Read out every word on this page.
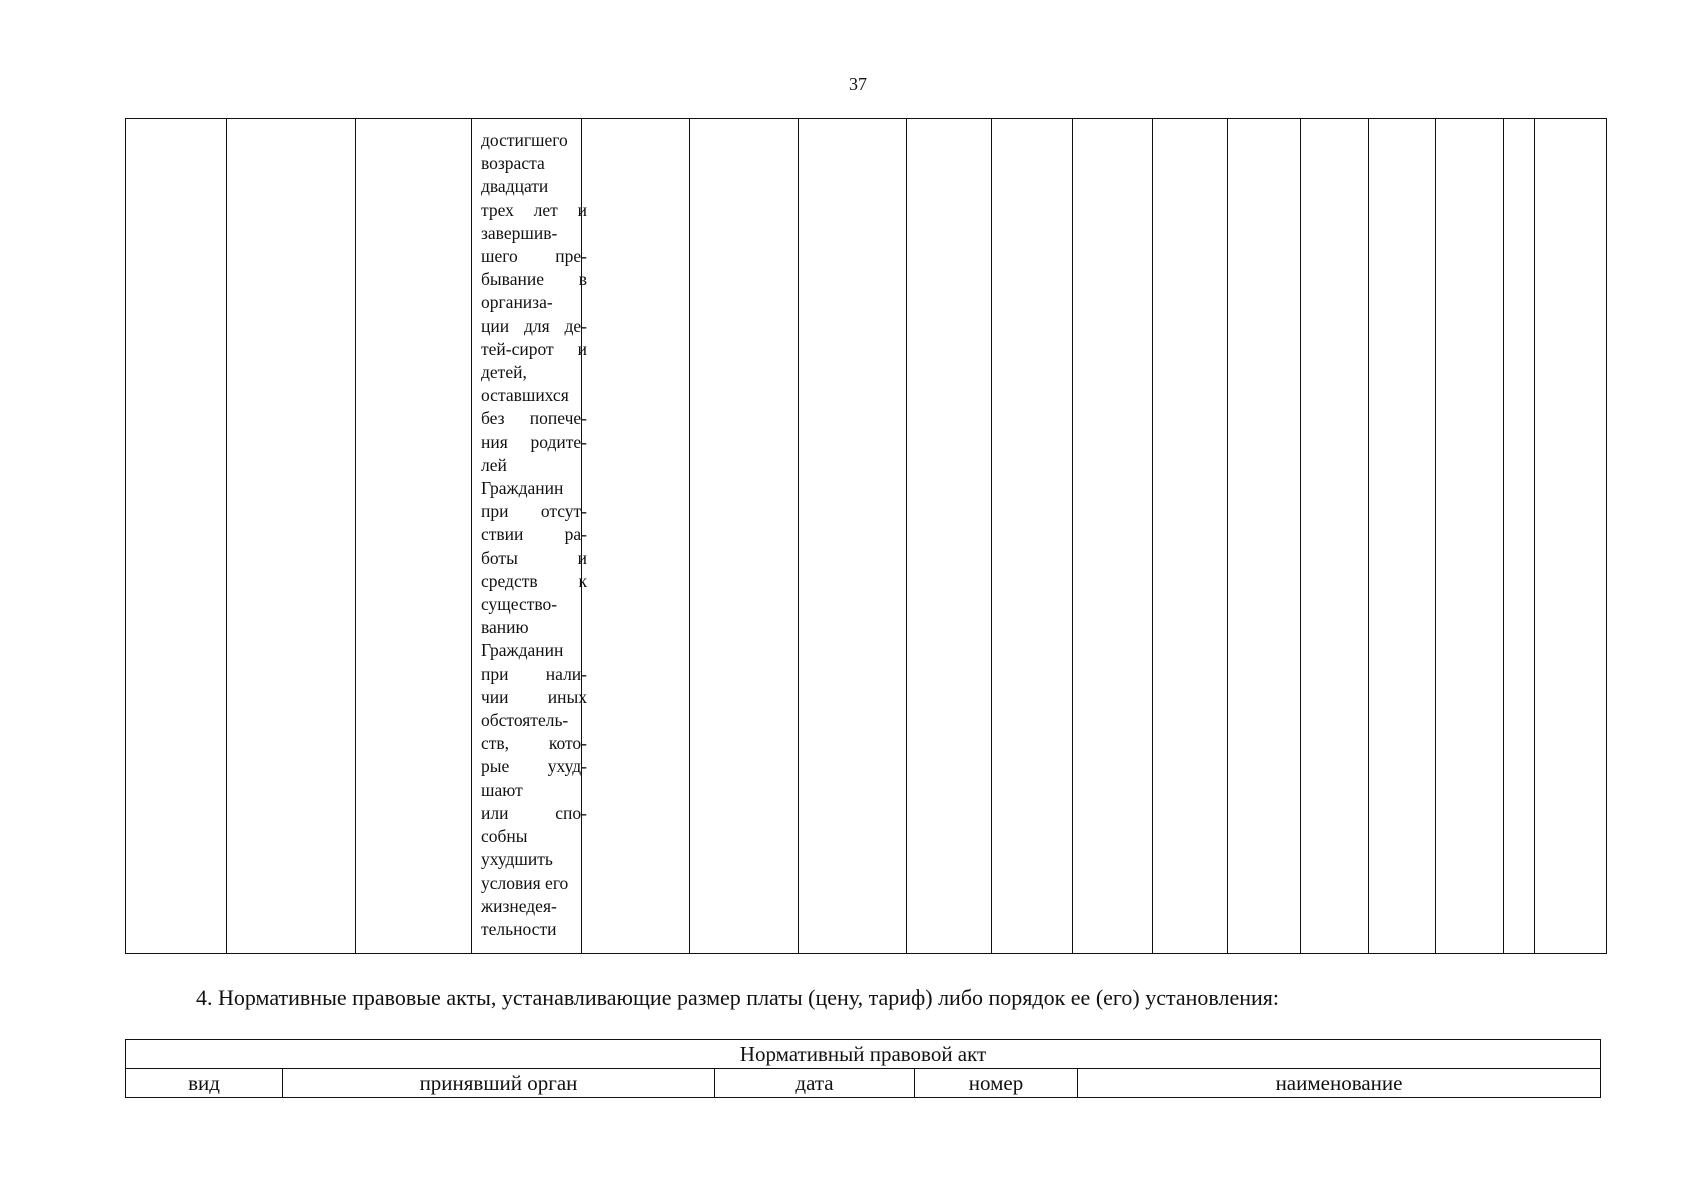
37
достигшего
возраста
двадцати
трех лет и
завершив-
шего пре-
бывание в
организа-
ции для де-
тей-сирот и
детей,
оставшихся
без попече-
ния родите-
лей
Гражданин
при отсут-
ствии ра-
боты и
средств к
существо-
ванию
Гражданин
при нали-
чии иных
обстоятель-
ств, кото-
рые ухуд-
шают
или спо-
собны
ухудшить
условия его
жизнедея-
тельности
4. Нормативные правовые акты, устанавливающие размер платы (цену, тариф) либо порядок ее (его) установления:
Нормативный правовой акт
вид	принявший орган	дата	номер	наименование
